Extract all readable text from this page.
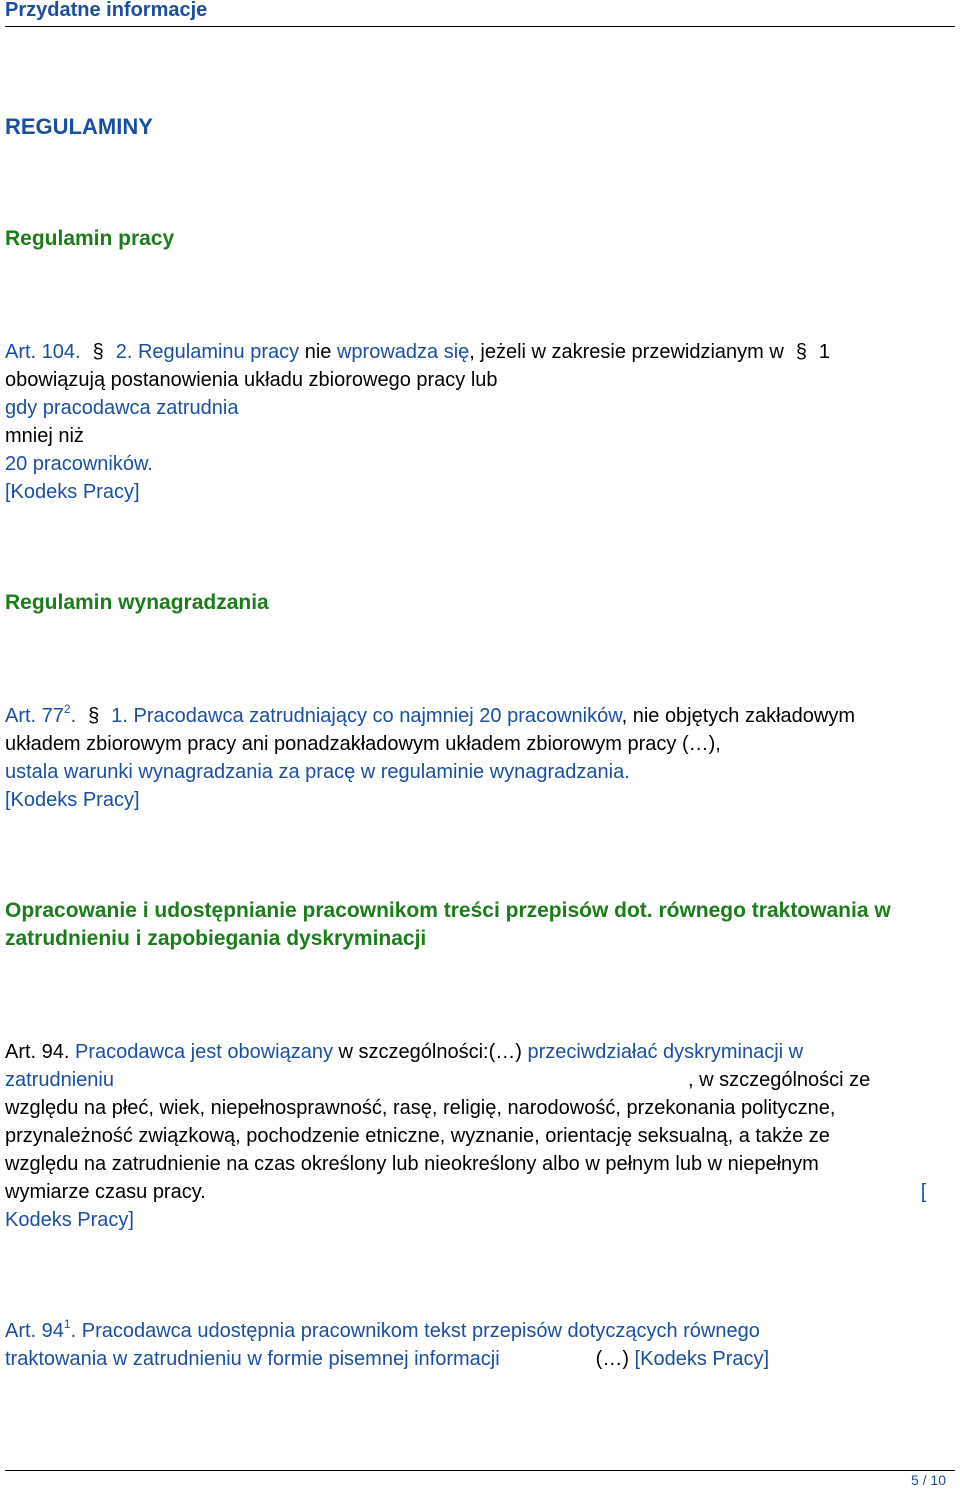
Przydatne informacje
REGULAMINY
Regulamin pracy
Art. 104. § 2. Regulaminu pracy nie wprowadza się, jeżeli w zakresie przewidzianym w § 1
obowiązują postanowienia układu zbiorowego pracy lub
gdy pracodawca zatrudnia
mniej niż
20 pracowników.
[Kodeks Pracy]
Regulamin wynagradzania
Art. $77^2$. § 1. Pracodawca zatrudniający co najmniej 20 pracowników, nie objętych zakładowym
układem zbiorowym pracy ani ponadzakładowym układem zbiorowym pracy (…),
ustala warunki wynagradzania za pracę w regulaminie wynagradzania.
[Kodeks Pracy]
Opracowanie i udostępnianie pracownikom treści przepisów dot. równego traktowania w
zatrudnieniu i zapobiegania dyskryminacji
Art. 94. Pracodawca jest obowiązany w szczególności:(…) przeciwdziałać dyskryminacji w
zatrudnieniu	, w szczególności ze
względu na płeć, wiek, niepełnosprawność, rasę, religię, narodowość, przekonania polityczne,
przynależność związkową, pochodzenie etniczne, wyznanie, orientację seksualną, a także ze
względu na zatrudnienie na czas określony lub nieokreślony albo w pełnym lub w niepełnym
wymiarze czasu pracy.	[
Kodeks Pracy]
Art. $94^1$. Pracodawca udostępnia pracownikom tekst przepisów dotyczących równego
traktowania w zatrudnieniu w formie pisemnej informacji	(…) [Kodeks Pracy]
5 / 10
